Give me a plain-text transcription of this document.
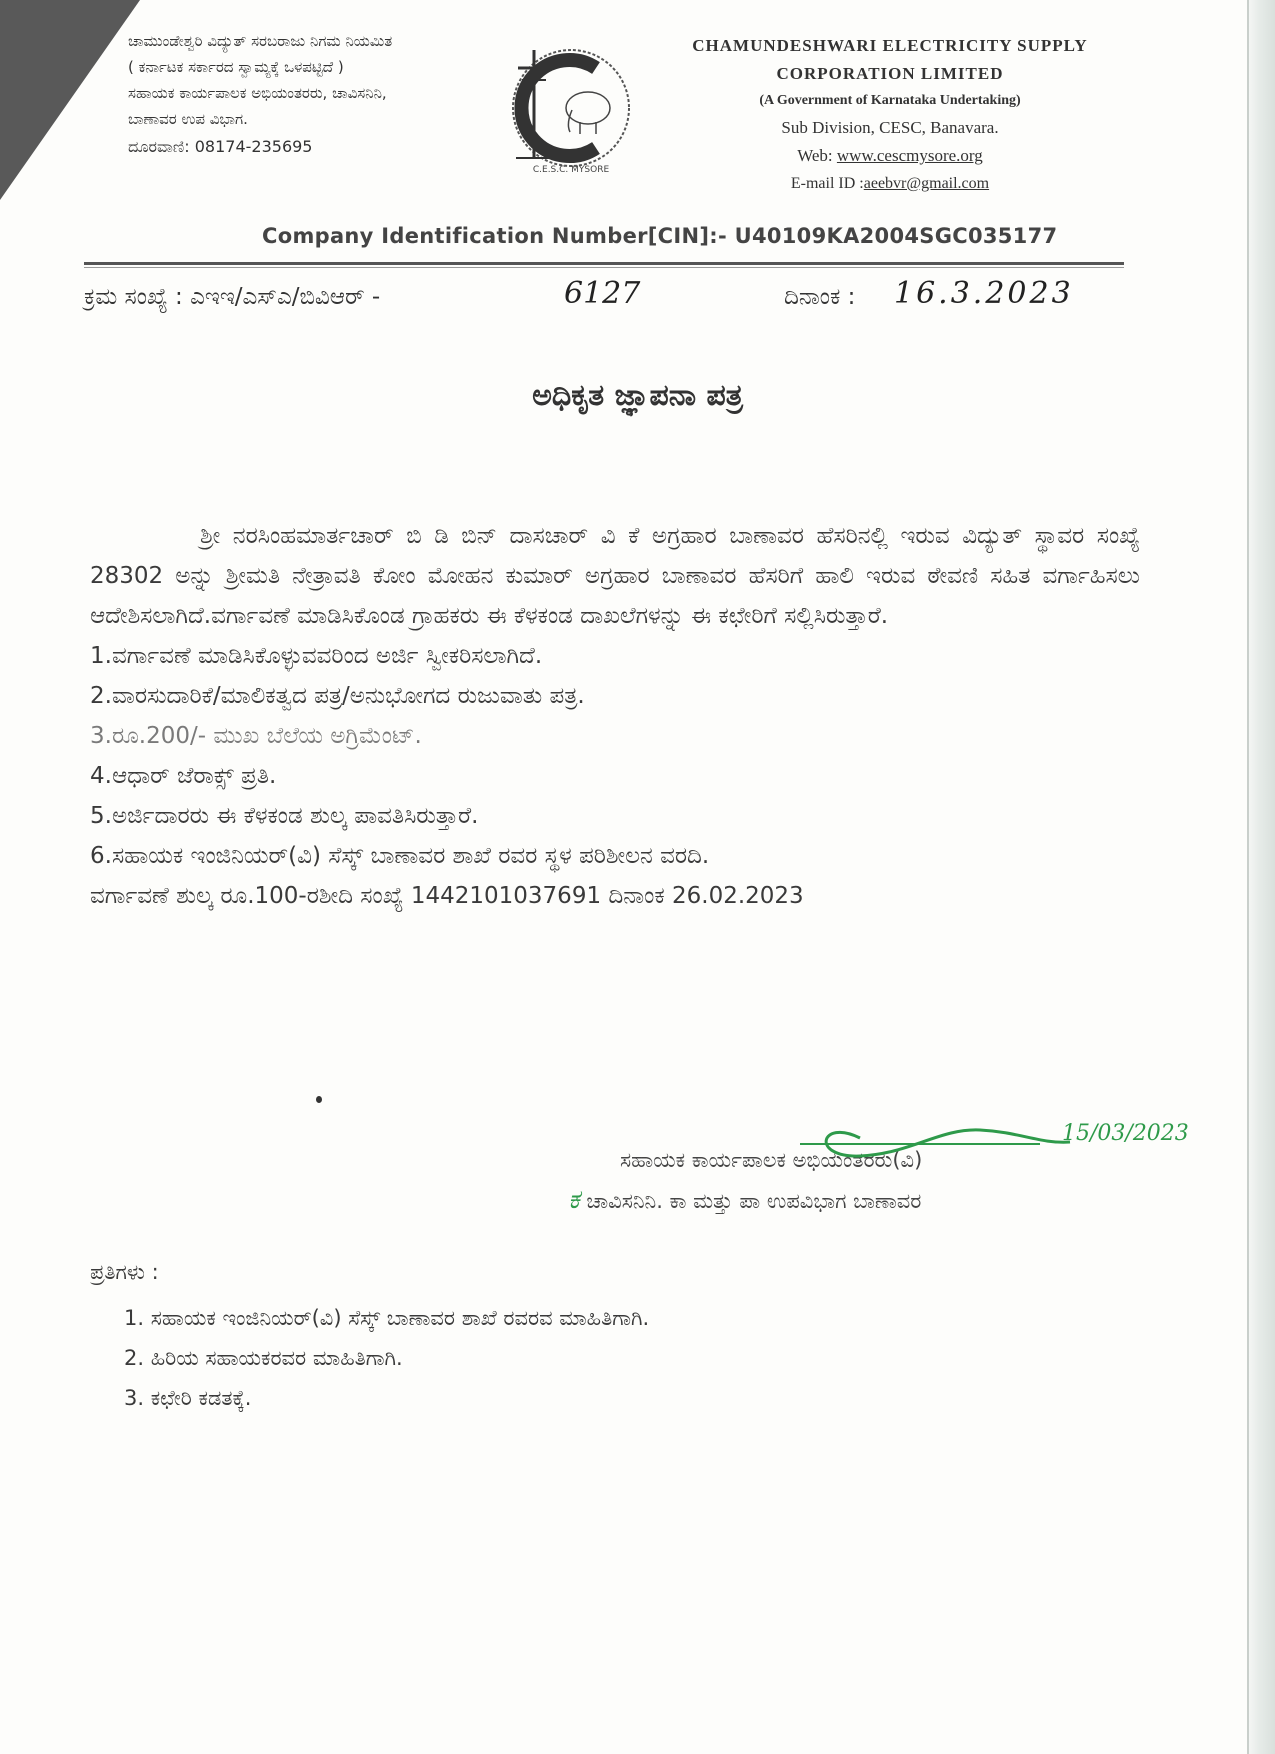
ಚಾಮುಂಡೇಶ್ವರಿ ವಿದ್ಯುತ್ ಸರಬರಾಜು ನಿಗಮ ನಿಯಮಿತ
( ಕರ್ನಾಟಕ ಸರ್ಕಾರದ ಸ್ವಾಮ್ಯಕ್ಕೆ ಒಳಪಟ್ಟಿದೆ )
ಸಹಾಯಕ ಕಾರ್ಯಪಾಲಕ ಅಭಿಯಂತರರು, ಚಾವಿಸನಿನಿ,
ಬಾಣಾವರ ಉಪ ವಿಭಾಗ.
ದೂರವಾಣಿ: 08174-235695
C.E.S.C. MYSORE
CHAMUNDESHWARI ELECTRICITY SUPPLY
CORPORATION LIMITED
(A Government of Karnataka Undertaking)
Sub Division, CESC, Banavara.
Web: www.cescmysore.org
E-mail ID :aeebvr@gmail.com
Company Identification Number[CIN]:- U40109KA2004SGC035177
ಕ್ರಮ ಸಂಖ್ಯೆ : ಎಇಇ/ಎಸ್ಎ/ಬಿವಿಆರ್ -	6127	ದಿನಾಂಕ : 16.3.2023
ಅಧಿಕೃತ ಜ್ಞಾಪನಾ ಪತ್ರ

ಶ್ರೀ ನರಸಿಂಹಮಾರ್ತಚಾರ್ ಬಿ ಡಿ ಬಿನ್ ದಾಸಚಾರ್ ವಿ ಕೆ ಅಗ್ರಹಾರ ಬಾಣಾವರ ಹೆಸರಿನಲ್ಲಿ ಇರುವ ವಿದ್ಯುತ್ ಸ್ಥಾವರ ಸಂಖ್ಯೆ 28302 ಅನ್ನು ಶ್ರೀಮತಿ ನೇತ್ರಾವತಿ ಕೋಂ ಮೋಹನ ಕುಮಾರ್ ಅಗ್ರಹಾರ ಬಾಣಾವರ ಹೆಸರಿಗೆ ಹಾಲಿ ಇರುವ ಠೇವಣಿ ಸಹಿತ ವರ್ಗಾಹಿಸಲು ಆದೇಶಿಸಲಾಗಿದೆ.ವರ್ಗಾವಣೆ ಮಾಡಿಸಿಕೊಂಡ ಗ್ರಾಹಕರು ಈ ಕೆಳಕಂಡ ದಾಖಲೆಗಳನ್ನು ಈ ಕಛೇರಿಗೆ ಸಲ್ಲಿಸಿರುತ್ತಾರೆ.

1.ವರ್ಗಾವಣೆ ಮಾಡಿಸಿಕೊಳ್ಳುವವರಿಂದ ಅರ್ಜಿ ಸ್ವೀಕರಿಸಲಾಗಿದೆ.

2.ವಾರಸುದಾರಿಕೆ/ಮಾಲಿಕತ್ವದ ಪತ್ರ/ಅನುಭೋಗದ ರುಜುವಾತು ಪತ್ರ.

3.ರೂ.200/- ಮುಖ ಬೆಲೆಯ ಅಗ್ರಿಮೆಂಟ್.

4.ಆಧಾರ್ ಜೆರಾಕ್ಸ್ ಪ್ರತಿ.

5.ಅರ್ಜಿದಾರರು ಈ ಕೆಳಕಂಡ ಶುಲ್ಕ ಪಾವತಿಸಿರುತ್ತಾರೆ.

6.ಸಹಾಯಕ ಇಂಜಿನಿಯರ್(ವಿ) ಸೆಸ್ಕ್ ಬಾಣಾವರ ಶಾಖೆ ರವರ ಸ್ಥಳ ಪರಿಶೀಲನ ವರದಿ.

ವರ್ಗಾವಣೆ ಶುಲ್ಕ ರೂ.100-ರಶೀದಿ ಸಂಖ್ಯೆ 1442101037691 ದಿನಾಂಕ 26.02.2023

ಸಹಾಯಕ ಕಾರ್ಯಪಾಲಕ ಅಭಿಯಂತರರು(ವಿ)
15/03/2023
ಕ ಚಾವಿಸನಿನಿ. ಕಾ ಮತ್ತು ಪಾ ಉಪವಿಭಾಗ ಬಾಣಾವರ
ಪ್ರತಿಗಳು :
1. ಸಹಾಯಕ ಇಂಜಿನಿಯರ್(ವಿ) ಸೆಸ್ಕ್ ಬಾಣಾವರ ಶಾಖೆ ರವರವ ಮಾಹಿತಿಗಾಗಿ.
2. ಹಿರಿಯ ಸಹಾಯಕರವರ ಮಾಹಿತಿಗಾಗಿ.
3. ಕಛೇರಿ ಕಡತಕ್ಕೆ.
